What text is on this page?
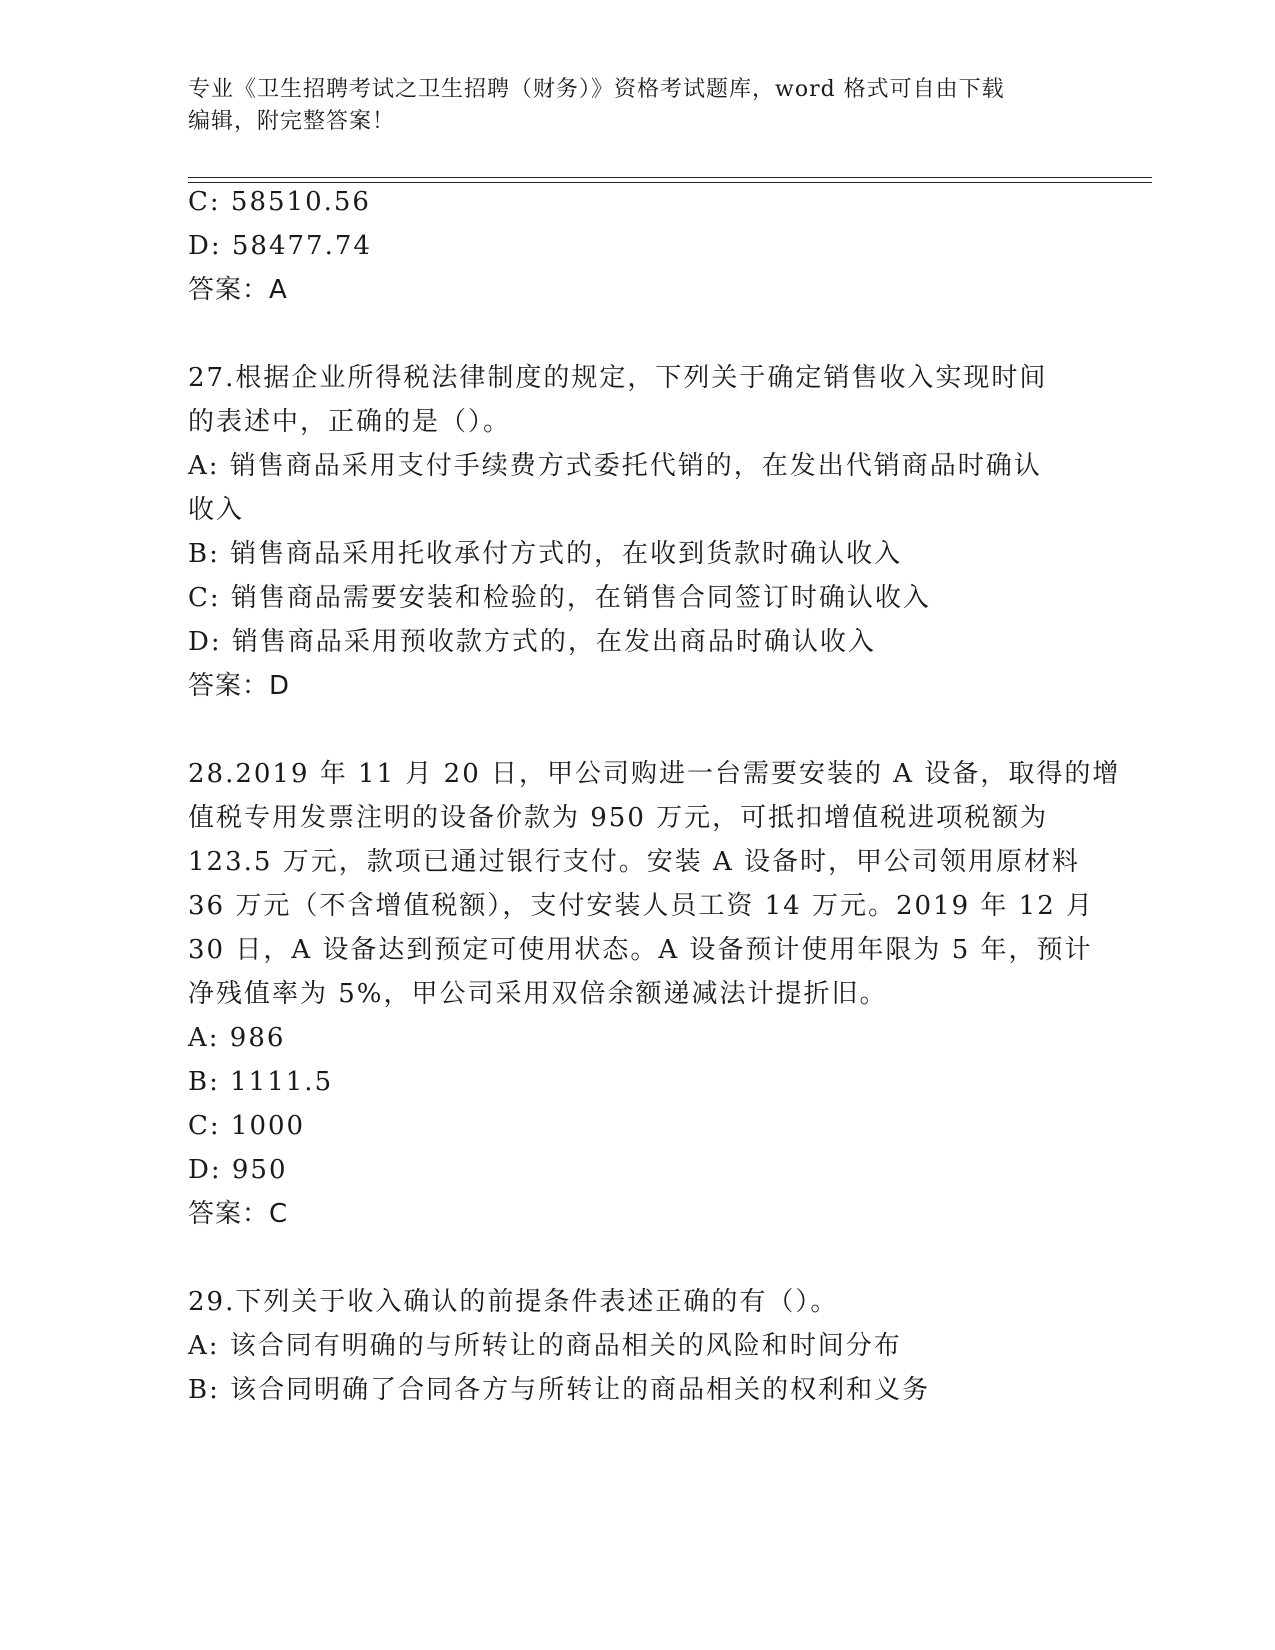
专业《卫生招聘考试之卫生招聘（财务）》资格考试题库，word 格式可自由下载
编辑，附完整答案！
C: 58510.56
D: 58477.74
答案：A
27.根据企业所得税法律制度的规定，下列关于确定销售收入实现时间
的表述中，正确的是（）。
A: 销售商品采用支付手续费方式委托代销的，在发出代销商品时确认
收入
B: 销售商品采用托收承付方式的，在收到货款时确认收入
C: 销售商品需要安装和检验的，在销售合同签订时确认收入
D: 销售商品采用预收款方式的，在发出商品时确认收入
答案：D
28.2019 年 11 月 20 日，甲公司购进一台需要安装的 A 设备，取得的增
值税专用发票注明的设备价款为 950 万元，可抵扣增值税进项税额为
123.5 万元，款项已通过银行支付。安装 A 设备时，甲公司领用原材料
36 万元（不含增值税额），支付安装人员工资 14 万元。2019 年 12 月
30 日，A 设备达到预定可使用状态。A 设备预计使用年限为 5 年，预计
净残值率为 5%，甲公司采用双倍余额递减法计提折旧。
A: 986
B: 1111.5
C: 1000
D: 950
答案：C
29.下列关于收入确认的前提条件表述正确的有（）。
A: 该合同有明确的与所转让的商品相关的风险和时间分布
B: 该合同明确了合同各方与所转让的商品相关的权利和义务
